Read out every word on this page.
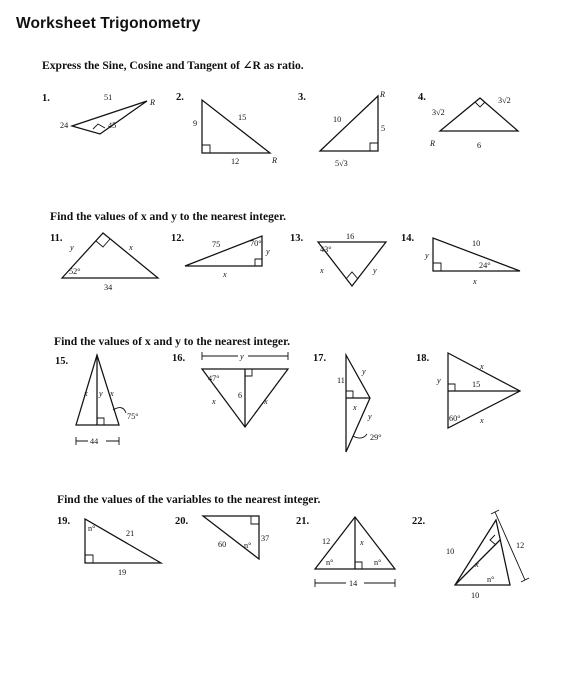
Worksheet Trigonometry
Express the Sine, Cosine and Tangent of ∠R as ratio.
Find the values of x and y to the nearest integer.
Find the values of x and y to the nearest integer.
Find the values of the variables to the nearest integer.
1.	51
R
24	45
2.
15
9
12	R
3.	R
10
5
5√3
4.
3√2
3√2
R	6
11.
y	x
52°
34
12.
75	70°
y
x
13.	16
43°
x	y
14.	10
y
24°
x
15.
x y x
75°
44
16.	y
47°
6
x	x
17.
11
y
x
y
29°
18.
y
x
15
60° x
19.
n°
21
19
20.
60
37
n°
21.
12	x
n°	n°
14
22.
10
12
x
n°
10
